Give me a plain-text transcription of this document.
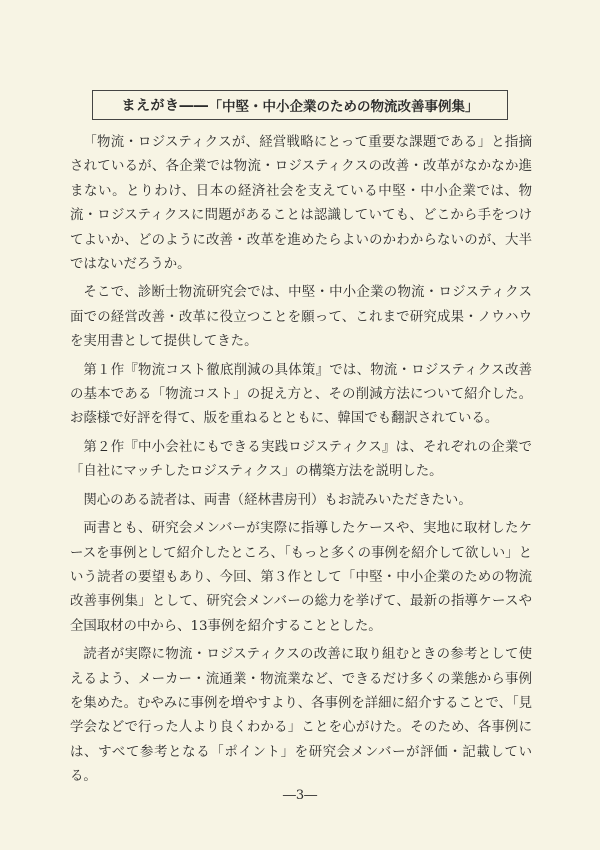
まえがき―― 「中堅・中小企業のための物流改善事例集」

「物流・ロジスティクスが、経営戦略にとって重要な課題である」と指摘されているが、各企業では物流・ロジスティクスの改善・改革がなかなか進まない。とりわけ、日本の経済社会を支えている中堅・中小企業では、物流・ロジスティクスに問題があることは認識していても、どこから手をつけてよいか、どのように改善・改革を進めたらよいのかわからないのが、大半ではないだろうか。

そこで、診断士物流研究会では、中堅・中小企業の物流・ロジスティクス面での経営改善・改革に役立つことを願って、これまで研究成果・ノウハウを実用書として提供してきた。

第１作『物流コスト徹底削減の具体策』では、物流・ロジスティクス改善の基本である「物流コスト」の捉え方と、その削減方法について紹介した。お蔭様で好評を得て、版を重ねるとともに、韓国でも翻訳されている。

第２作『中小会社にもできる実践ロジスティクス』は、それぞれの企業で「自社にマッチしたロジスティクス」の構築方法を説明した。

関心のある読者は、両書（経林書房刊）もお読みいただきたい。

両書とも、研究会メンバーが実際に指導したケースや、実地に取材したケースを事例として紹介したところ、「もっと多くの事例を紹介して欲しい」という読者の要望もあり、今回、第３作として「中堅・中小企業のための物流改善事例集」として、研究会メンバーの総力を挙げて、最新の指導ケースや全国取材の中から、13事例を紹介することとした。

読者が実際に物流・ロジスティクスの改善に取り組むときの参考として使えるよう、メーカー・流通業・物流業など、できるだけ多くの業態から事例を集めた。むやみに事例を増やすより、各事例を詳細に紹介することで、「見学会などで行った人より良くわかる」ことを心がけた。そのため、各事例には、すべて参考となる「ポイント」を研究会メンバーが評価・記載している。

―3―
